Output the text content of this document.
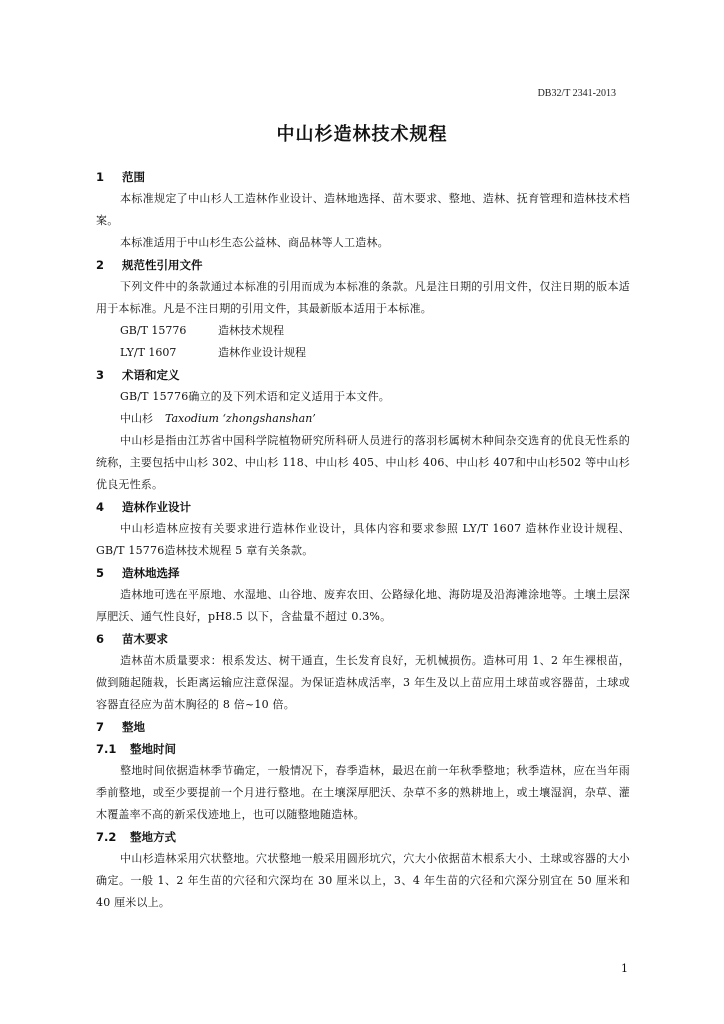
DB32/T 2341-2013
中山杉造林技术规程
1 范围
本标准规定了中山杉人工造林作业设计、造林地选择、苗木要求、整地、造林、抚育管理和造林技术档案。
本标准适用于中山杉生态公益林、商品林等人工造林。
2 规范性引用文件
下列文件中的条款通过本标准的引用而成为本标准的条款。凡是注日期的引用文件，仅注日期的版本适用于本标准。凡是不注日期的引用文件，其最新版本适用于本标准。
GB/T 15776	造林技术规程
LY/T 1607	造林作业设计规程
3 术语和定义
GB/T 15776确立的及下列术语和定义适用于本文件。
中山杉 Taxodium ‘zhongshanshan’
中山杉是指由江苏省中国科学院植物研究所科研人员进行的落羽杉属树木种间杂交选育的优良无性系的统称，主要包括中山杉 302、中山杉 118、中山杉 405、中山杉 406、中山杉 407和中山杉502 等中山杉优良无性系。
4 造林作业设计
中山杉造林应按有关要求进行造林作业设计，具体内容和要求参照 LY/T 1607 造林作业设计规程、GB/T 15776造林技术规程 5 章有关条款。
5 造林地选择
造林地可选在平原地、水湿地、山谷地、废弃农田、公路绿化地、海防堤及沿海滩涂地等。土壤土层深厚肥沃、通气性良好，pH8.5 以下，含盐量不超过 0.3%。
6 苗木要求
造林苗木质量要求：根系发达、树干通直，生长发育良好，无机械损伤。造林可用 1、2 年生裸根苗，做到随起随栽，长距离运输应注意保湿。为保证造林成活率，3 年生及以上苗应用土球苗或容器苗，土球或容器直径应为苗木胸径的 8 倍~10 倍。
7 整地
7.1 整地时间
整地时间依据造林季节确定，一般情况下，春季造林，最迟在前一年秋季整地；秋季造林，应在当年雨季前整地，或至少要提前一个月进行整地。在土壤深厚肥沃、杂草不多的熟耕地上，或土壤湿润，杂草、灌木覆盖率不高的新采伐迹地上，也可以随整地随造林。
7.2 整地方式
中山杉造林采用穴状整地。穴状整地一般采用圆形坑穴，穴大小依据苗木根系大小、土球或容器的大小确定。一般 1、2 年生苗的穴径和穴深均在 30 厘米以上，3、4 年生苗的穴径和穴深分别宜在 50 厘米和 40 厘米以上。
1
